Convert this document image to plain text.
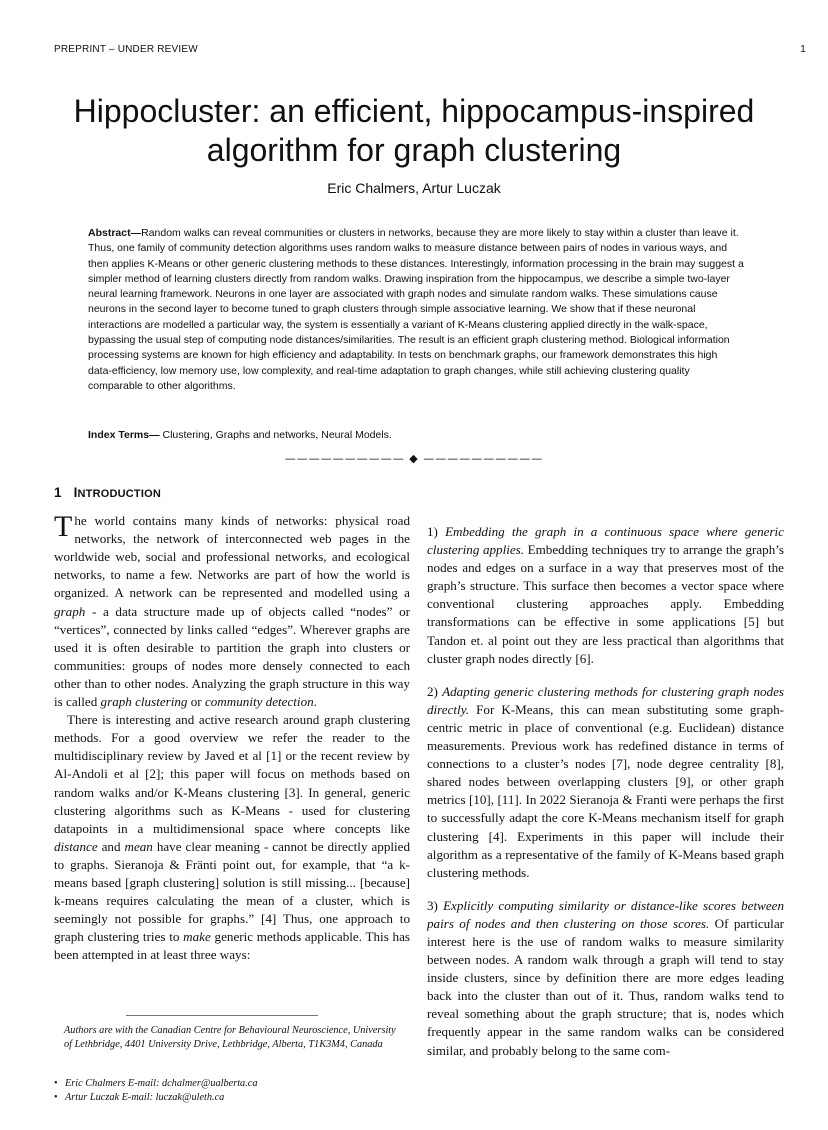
PREPRINT – UNDER REVIEW	1
Hippocluster: an efficient, hippocampus-inspired algorithm for graph clustering
Eric Chalmers, Artur Luczak
Abstract—Random walks can reveal communities or clusters in networks, because they are more likely to stay within a cluster than leave it. Thus, one family of community detection algorithms uses random walks to measure distance between pairs of nodes in various ways, and then applies K-Means or other generic clustering methods to these distances. Interestingly, information processing in the brain may suggest a simpler method of learning clusters directly from random walks. Drawing inspiration from the hippocampus, we describe a simple two-layer neural learning framework. Neurons in one layer are associated with graph nodes and simulate random walks. These simulations cause neurons in the second layer to become tuned to graph clusters through simple associative learning. We show that if these neuronal interactions are modelled a particular way, the system is essentially a variant of K-Means clustering applied directly in the walk-space, bypassing the usual step of computing node distances/similarities. The result is an efficient graph clustering method. Biological information processing systems are known for high efficiency and adaptability. In tests on benchmark graphs, our framework demonstrates this high data-efficiency, low memory use, low complexity, and real-time adaptation to graph changes, while still achieving clustering quality comparable to other algorithms.
Index Terms— Clustering, Graphs and networks, Neural Models.
—————————— ◆ ——————————
1 INTRODUCTION

The world contains many kinds of networks: physical road networks, the network of interconnected web pages in the worldwide web, social and professional networks, and ecological networks, to name a few. Networks are part of how the world is organized. A network can be represented and modelled using a graph - a data structure made up of objects called “nodes” or “vertices”, connected by links called “edges”. Wherever graphs are used it is often desirable to partition the graph into clusters or communities: groups of nodes more densely connected to each other than to other nodes. Analyzing the graph structure in this way is called graph clustering or community detection.

There is interesting and active research around graph clustering methods. For a good overview we refer the reader to the multidisciplinary review by Javed et al [1] or the recent review by Al-Andoli et al [2]; this paper will focus on methods based on random walks and/or K-Means clustering [3]. In general, generic clustering algorithms such as K-Means - used for clustering datapoints in a multidimensional space where concepts like distance and mean have clear meaning - cannot be directly applied to graphs. Sieranoja & Fränti point out, for example, that “a k-means based [graph clustering] solution is still missing... [because] k-means requires calculating the mean of a cluster, which is seemingly not possible for graphs.” [4] Thus, one approach to graph clustering tries to make generic methods applicable. This has been attempted in at least three ways:

1) Embedding the graph in a continuous space where generic clustering applies. Embedding techniques try to arrange the graph’s nodes and edges on a surface in a way that preserves most of the graph’s structure. This surface then becomes a vector space where conventional clustering approaches apply. Embedding transformations can be effective in some applications [5] but Tandon et. al point out they are less practical than algorithms that cluster graph nodes directly [6].

2) Adapting generic clustering methods for clustering graph nodes directly. For K-Means, this can mean substituting some graph-centric metric in place of conventional (e.g. Euclidean) distance measurements. Previous work has redefined distance in terms of connections to a cluster’s nodes [7], node degree centrality [8], shared nodes between overlapping clusters [9], or other graph metrics [10], [11]. In 2022 Sieranoja & Franti were perhaps the first to successfully adapt the core K-Means mechanism itself for graph clustering [4]. Experiments in this paper will include their algorithm as a representative of the family of K-Means based graph clustering methods.

3) Explicitly computing similarity or distance-like scores between pairs of nodes and then clustering on those scores. Of particular interest here is the use of random walks to measure similarity between nodes. A random walk through a graph will tend to stay inside clusters, since by definition there are more edges leading back into the cluster than out of it. Thus, random walks tend to reveal something about the graph structure; that is, nodes which frequently appear in the same random walks can be considered similar, and probably belong to the same com-

Authors are with the Canadian Centre for Behavioural Neuroscience, University of Lethbridge, 4401 University Drive, Lethbridge, Alberta, T1K3M4, Canada
• Eric Chalmers E-mail: dchalmer@ualberta.ca
• Artur Luczak E-mail: luczak@uleth.ca
